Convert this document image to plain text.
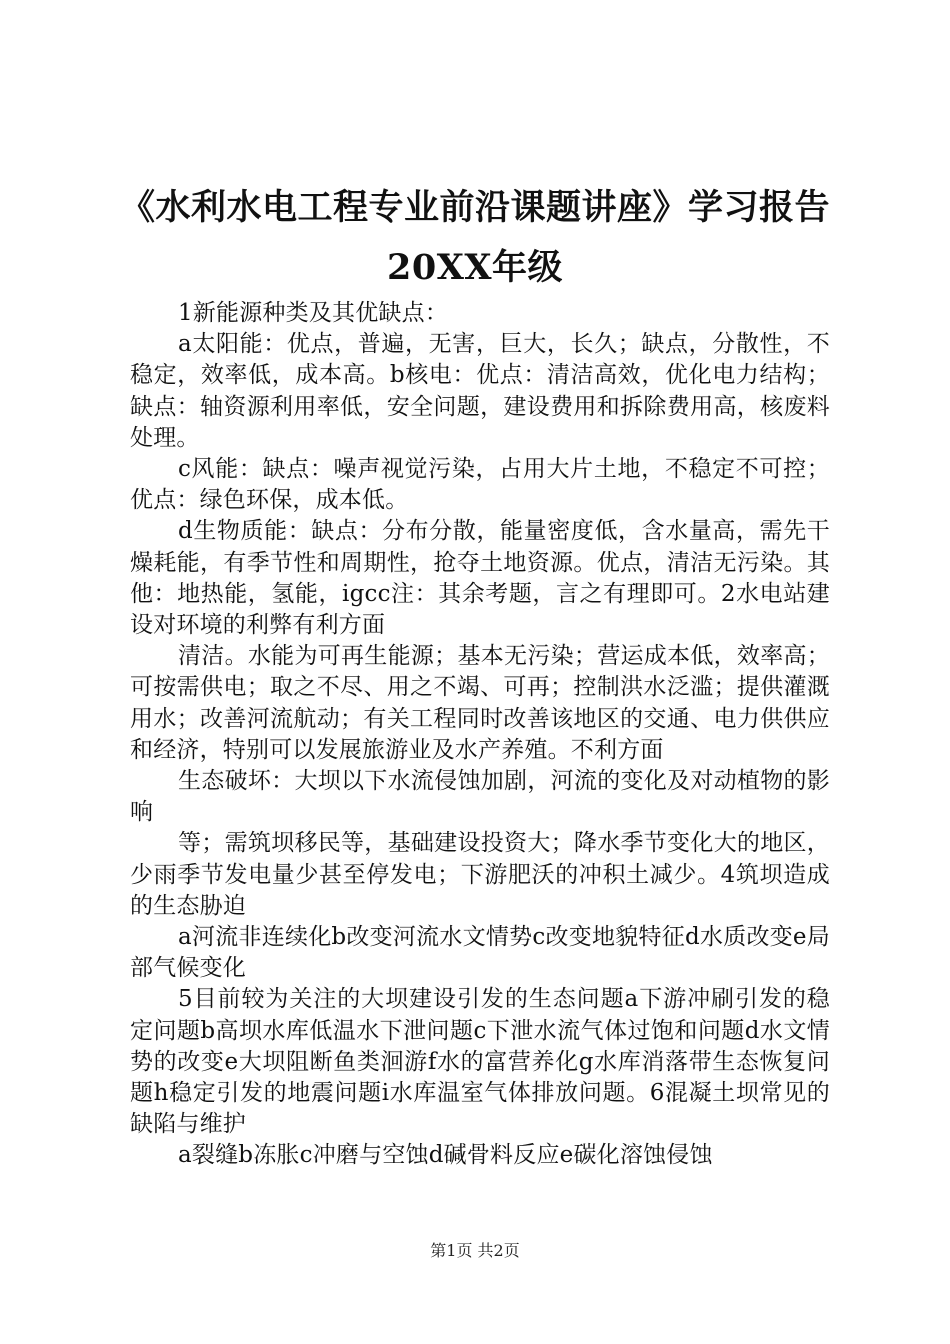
《水利水电工程专业前沿课题讲座》学习报告
20XX年级

1新能源种类及其优缺点：

a太阳能：优点，普遍，无害，巨大，长久；缺点，分散性，不稳定，效率低，成本高。b核电：优点：清洁高效，优化电力结构；缺点：轴资源利用率低，安全问题，建设费用和拆除费用高，核废料处理。

c风能：缺点：噪声视觉污染，占用大片土地，不稳定不可控；优点：绿色环保，成本低。

d生物质能：缺点：分布分散，能量密度低，含水量高，需先干燥耗能，有季节性和周期性，抢夺土地资源。优点，清洁无污染。其他：地热能，氢能，igcc注：其余考题，言之有理即可。2水电站建设对环境的利弊有利方面

清洁。水能为可再生能源；基本无污染；营运成本低，效率高；可按需供电；取之不尽、用之不竭、可再；控制洪水泛滥；提供灌溉用水；改善河流航动；有关工程同时改善该地区的交通、电力供供应和经济，特别可以发展旅游业及水产养殖。不利方面

生态破坏：大坝以下水流侵蚀加剧，河流的变化及对动植物的影响

等；需筑坝移民等，基础建设投资大；降水季节变化大的地区，少雨季节发电量少甚至停发电；下游肥沃的冲积土减少。4筑坝造成的生态胁迫

a河流非连续化b改变河流水文情势c改变地貌特征d水质改变e局部气候变化

5目前较为关注的大坝建设引发的生态问题a下游冲刷引发的稳定问题b高坝水库低温水下泄问题c下泄水流气体过饱和问题d水文情势的改变e大坝阻断鱼类洄游f水的富营养化g水库消落带生态恢复问题h稳定引发的地震问题i水库温室气体排放问题。6混凝土坝常见的缺陷与维护

a裂缝b冻胀c冲磨与空蚀d碱骨料反应e碳化溶蚀侵蚀

第1页 共2页
